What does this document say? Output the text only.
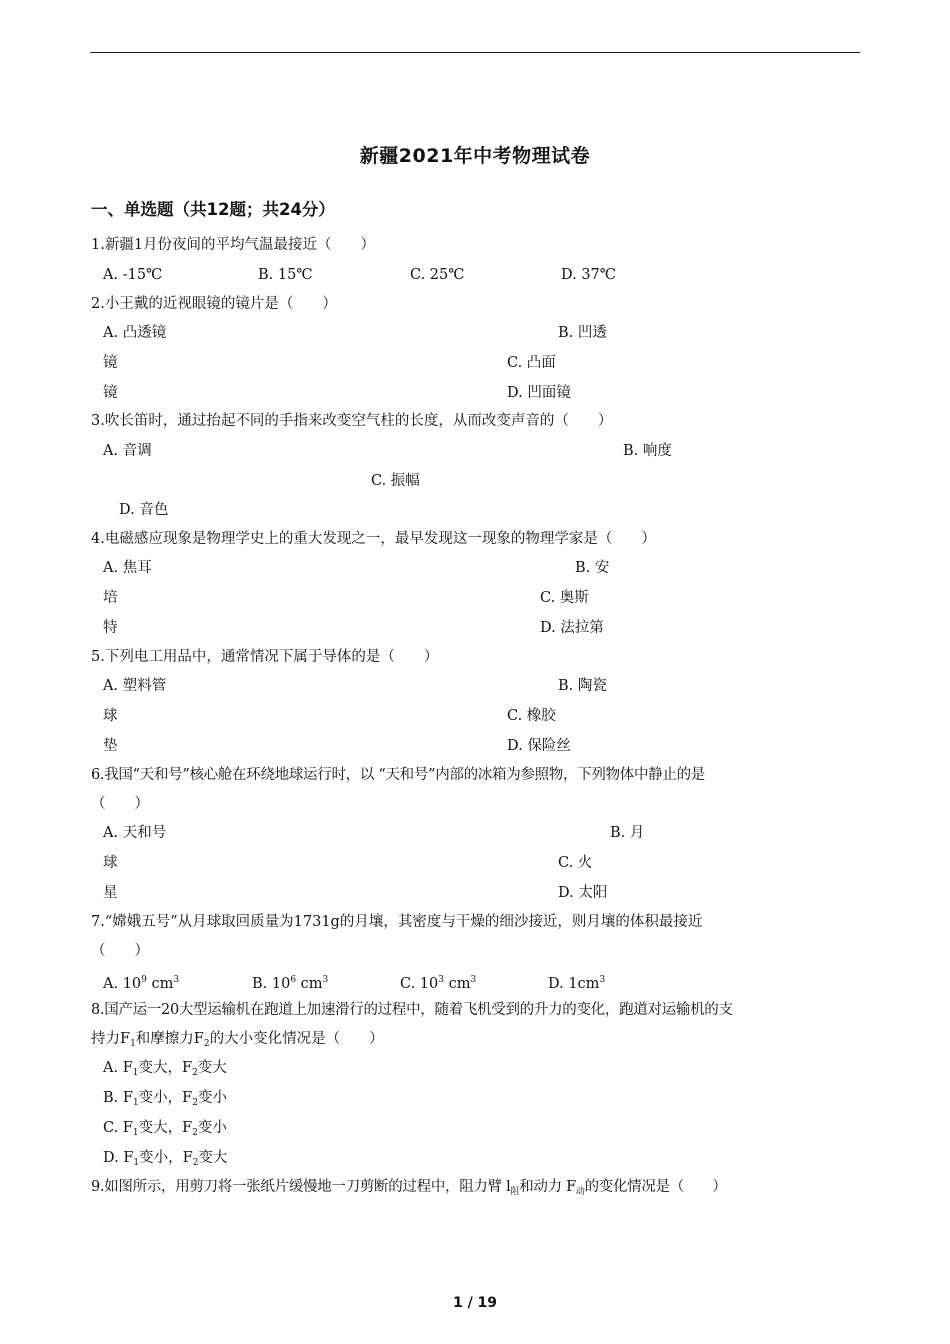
新疆2021年中考物理试卷
一、单选题（共12题；共24分）
1.新疆1月份夜间的平均气温最接近（　　）
A. -15℃	B. 15℃	C. 25℃	D. 37℃
2.小王戴的近视眼镜的镜片是（　　）
A. 凸透镜	B. 凹透
镜	C. 凸面
镜	D. 凹面镜
3.吹长笛时，通过抬起不同的手指来改变空气柱的长度，从而改变声音的（　　）
A. 音调	B. 响度
C. 振幅
D. 音色
4.电磁感应现象是物理学史上的重大发现之一，最早发现这一现象的物理学家是（　　）
A. 焦耳	B. 安
培	C. 奥斯
特	D. 法拉第
5.下列电工用品中，通常情况下属于导体的是（　　）
A. 塑料管	B. 陶瓷
球	C. 橡胶
垫	D. 保险丝
6.我国“天和号”核心舱在环绕地球运行时，以 “天和号”内部的冰箱为参照物，下列物体中静止的是
（　　）
A. 天和号	B. 月
球	C. 火
星	D. 太阳
7.“嫦娥五号”从月球取回质量为1731g的月壤，其密度与干燥的细沙接近，则月壤的体积最接近
（　　）
A. $10^9$ $cm^3$	B. $10^6$ $cm^3$	C. $10^3$ $cm^3$	D. $1cm^3$
8.国产运一20大型运输机在跑道上加速滑行的过程中，随着飞机受到的升力的变化，跑道对运输机的支
持力$F_1$和摩擦力$F_2$的大小变化情况是（　　）
A. $F_1$变大，$F_2$变大
B. $F_1$变小，$F_2$变小
C. $F_1$变大，$F_2$变小
D. $F_1$变小，$F_2$变大
9.如图所示，用剪刀将一张纸片缓慢地一刀剪断的过程中，阻力臂 $l_阻$和动力 $F_动$的变化情况是（　　）
1 / 19
